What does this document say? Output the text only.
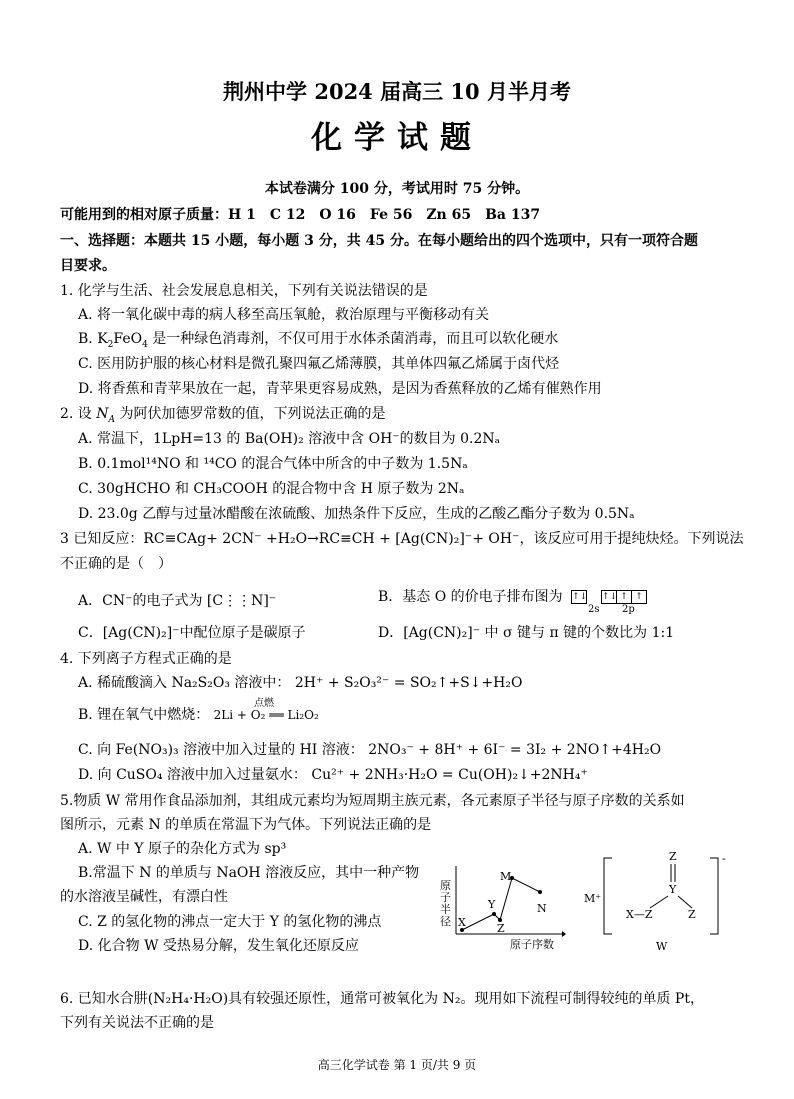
荆州中学 2024 届高三 10 月半月考
化学试题
本试卷满分 100 分，考试用时 75 分钟。
可能用到的相对原子质量：H 1　C 12　O 16　Fe 56　Zn 65　Ba 137
一、选择题：本题共 15 小题，每小题 3 分，共 45 分。在每小题给出的四个选项中，只有一项符合题
目要求。
1. 化学与生活、社会发展息息相关，下列有关说法错误的是
A. 将一氧化碳中毒的病人移至高压氧舱，救治原理与平衡移动有关
B. $K_2FeO_4$ 是一种绿色消毒剂，不仅可用于水体杀菌消毒，而且可以软化硬水
C. 医用防护服的核心材料是微孔聚四氟乙烯薄膜，其单体四氟乙烯属于卤代烃
D. 将香蕉和青苹果放在一起，青苹果更容易成熟，是因为香蕉释放的乙烯有催熟作用
2. 设 $N_A$ 为阿伏加德罗常数的值，下列说法正确的是
A. 常温下，1LpH=13 的 Ba(OH)₂ 溶液中含 OH⁻的数目为 0.2Nₐ
B. 0.1mol¹⁴NO 和 ¹⁴CO 的混合气体中所含的中子数为 1.5Nₐ
C. 30gHCHO 和 CH₃COOH 的混合物中含 H 原子数为 2Nₐ
D. 23.0g 乙醇与过量冰醋酸在浓硫酸、加热条件下反应，生成的乙酸乙酯分子数为 0.5Nₐ
3 已知反应：RC≡CAg+ 2CN⁻ +H₂O→RC≡CH + [Ag(CN)₂]⁻+ OH⁻，该反应可用于提纯炔烃。下列说法
不正确的是（　）
A．CN⁻的电子式为 [C⋮⋮N]⁻	B．基态 O 的价电子排布图为 ↑↓ ↑↓ ↑ ↑
2s 2p
C．[Ag(CN)₂]⁻中配位原子是碳原子	D．[Ag(CN)₂]⁻ 中 σ 键与 π 键的个数比为 1:1
4. 下列离子方程式正确的是
A. 稀硫酸滴入 Na₂S₂O₃ 溶液中： 2H⁺ + S₂O₃²⁻ = SO₂↑+S↓+H₂O
B. 锂在氧气中燃烧： 2Li + O₂ ══ Li₂O₂
点燃
C. 向 Fe(NO₃)₃ 溶液中加入过量的 HI 溶液： 2NO₃⁻ + 8H⁺ + 6I⁻ = 3I₂ + 2NO↑+4H₂O
D. 向 CuSO₄ 溶液中加入过量氨水： Cu²⁺ + 2NH₃·H₂O = Cu(OH)₂↓+2NH₄⁺
5.物质 W 常用作食品添加剂，其组成元素均为短周期主族元素，各元素原子半径与原子序数的关系如
图所示，元素 N 的单质在常温下为气体。下列说法正确的是
A. W 中 Y 原子的杂化方式为 sp³
B.常温下 N 的单质与 NaOH 溶液反应，其中一种产物
的水溶液呈碱性，有漂白性
C. Z 的氢化物的沸点一定大于 Y 的氢化物的沸点
D. 化合物 W 受热易分解，发生氧化还原反应
原
子
半
径 X
Y
Z
M
N
原子序数
M⁺
Z
Y
X—Z	Z
-
W
6. 已知水合肼(N₂H₄·H₂O)具有较强还原性，通常可被氧化为 N₂。现用如下流程可制得较纯的单质 Pt，
下列有关说法不正确的是
高三化学试卷 第 1 页/共 9 页
